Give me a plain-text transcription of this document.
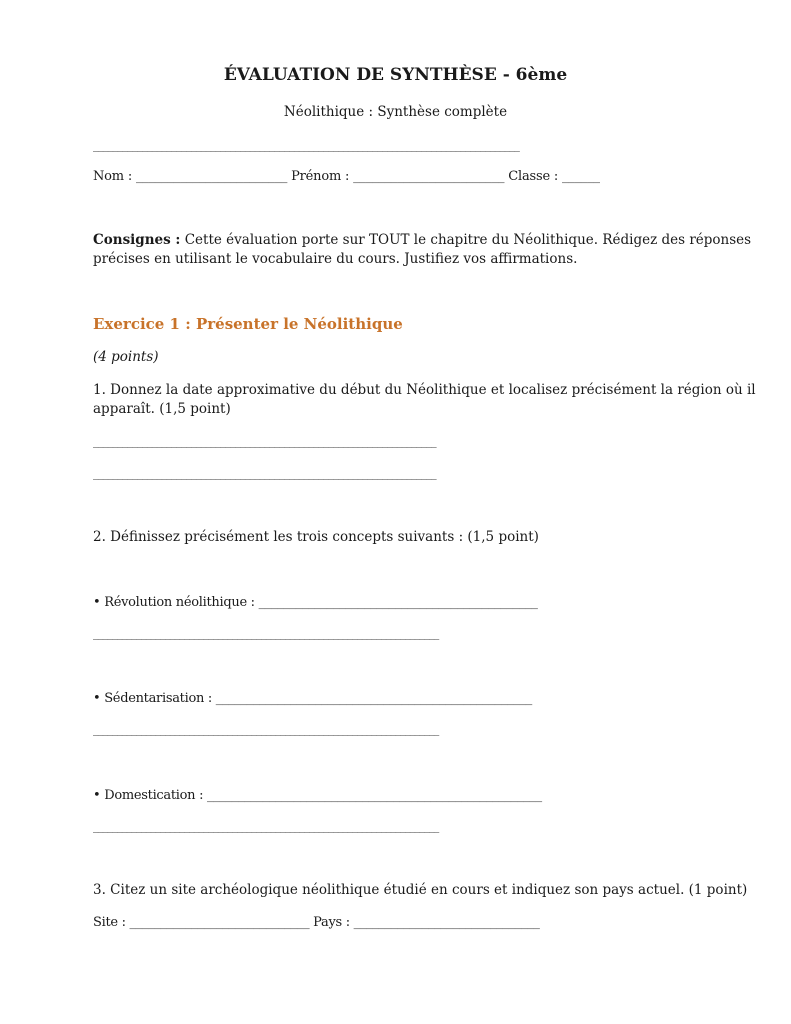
ÉVALUATION DE SYNTHÈSE - 6ème
Néolithique : Synthèse complète
_______________________________________________________________________________________
Nom : ________________________ Prénom : ________________________ Classe : ______
Consignes : Cette évaluation porte sur TOUT le chapitre du Néolithique. Rédigez des réponses
précises en utilisant le vocabulaire du cours. Justifiez vos affirmations.
Exercice 1 : Présenter le Néolithique
(4 points)
1. Donnez la date approximative du début du Néolithique et localisez précisément la région où il
apparaît. (1,5 point)
______________________________________________________________________
______________________________________________________________________
2. Définissez précisément les trois concepts suivants : (1,5 point)
• Révolution néolithique : _____________________________________________
________________________________________________________________________
• Sédentarisation : ___________________________________________________
________________________________________________________________________
• Domestication : ______________________________________________________
________________________________________________________________________
3. Citez un site archéologique néolithique étudié en cours et indiquez son pays actuel. (1 point)
Site : _____________________________ Pays : ______________________________
